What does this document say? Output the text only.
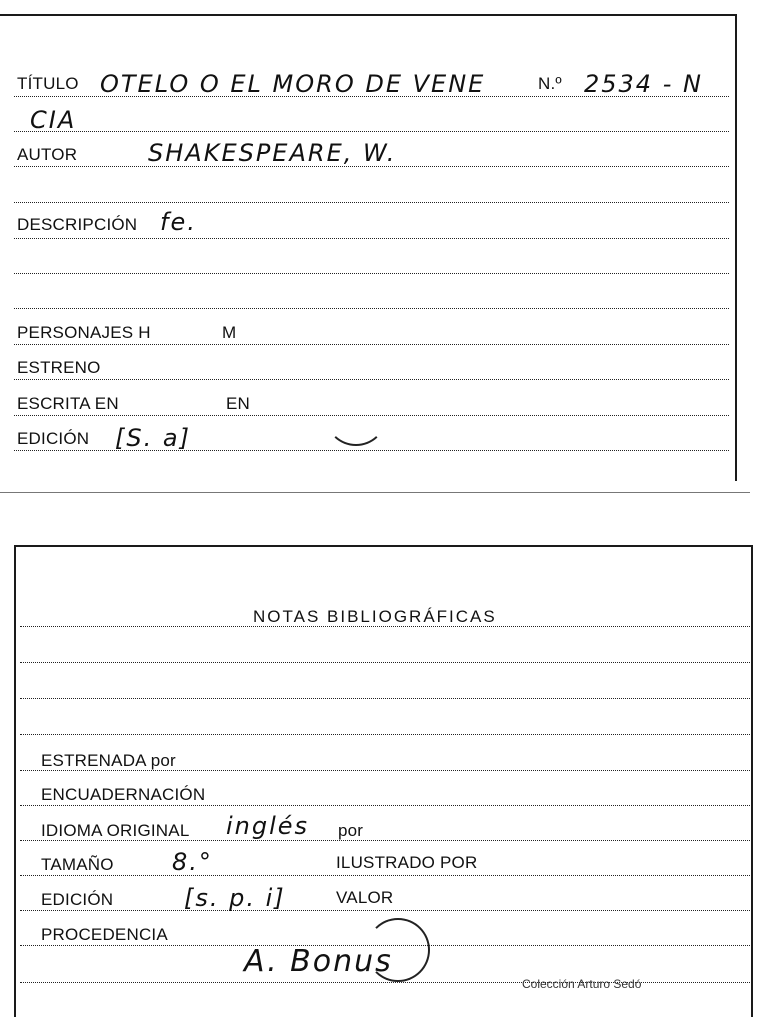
TÍTULO OTELO O EL MORO DE VENE	N.º 2534 - N
CIA
AUTOR	SHAKESPEARE, W.
DESCRIPCIÓN fe.
PERSONAJES H	M
ESTRENO
ESCRITA EN	EN
EDICIÓN [S. a]
NOTAS BIBLIOGRÁFICAS
ESTRENADA por
ENCUADERNACIÓN
IDIOMA ORIGINAL inglés por
TAMAÑO 8.°	ILUSTRADO POR
EDICIÓN	[s. p. i]	VALOR
PROCEDENCIA
A. Bonus
Colección Arturo Sedó
